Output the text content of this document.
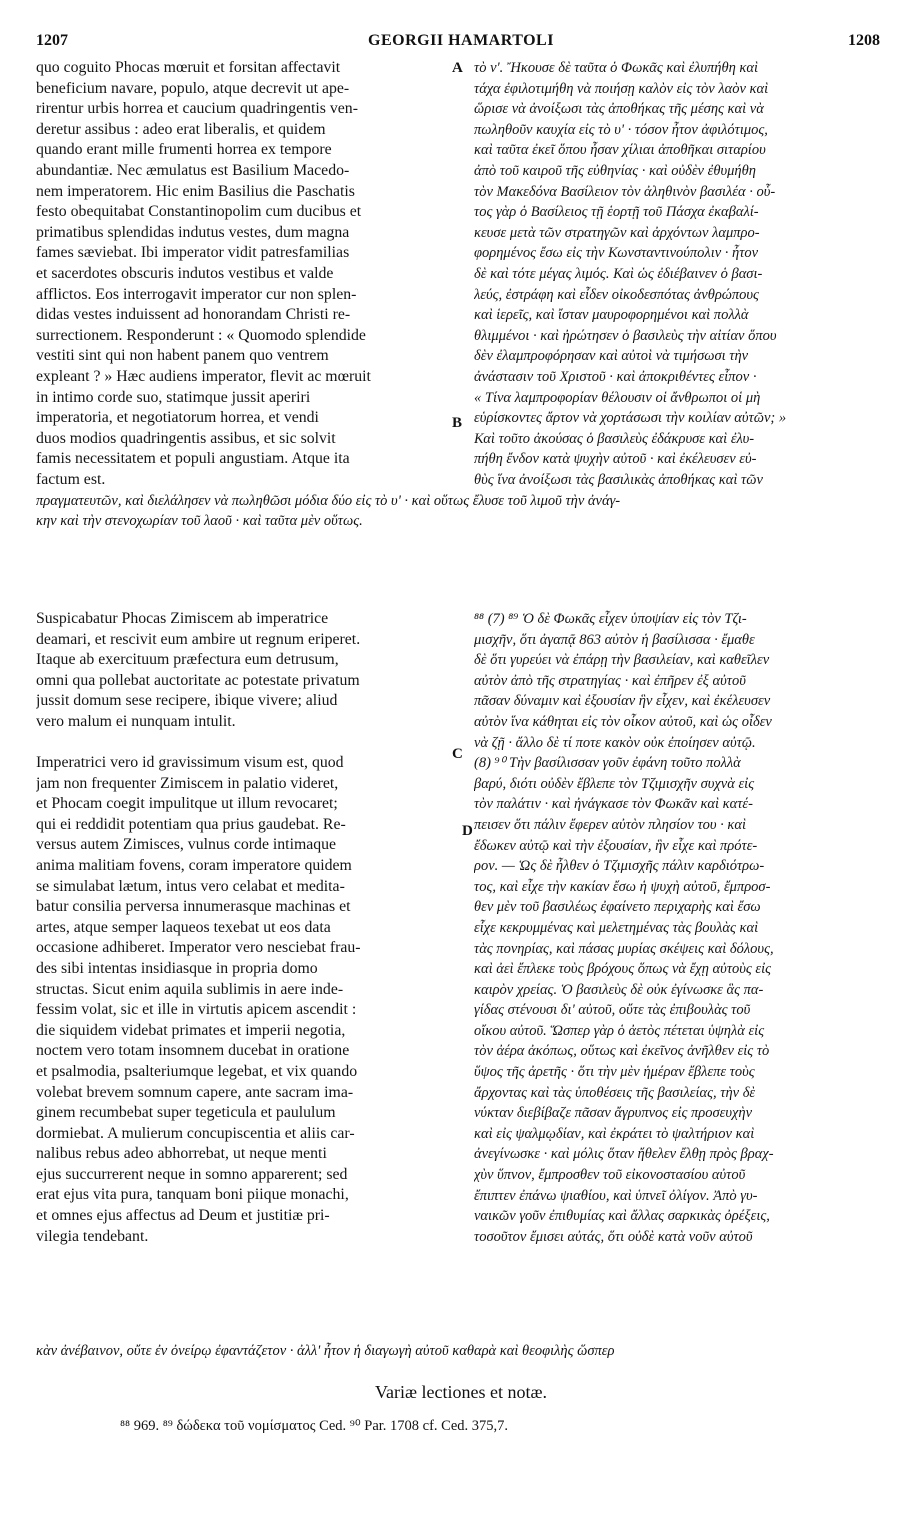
1207	GEORGII HAMARTOLI	1208
A
B
C
D
quo coguito Phocas mœruit et forsitan affectavit
beneficium navare, populo, atque decrevit ut ape-
rirentur urbis horrea et caucium quadringentis ven-
deretur assibus : adeo erat liberalis, et quidem
quando erant mille frumenti horrea ex tempore
abundantiæ. Nec æmulatus est Basilium Macedo-
nem imperatorem. Hic enim Basilius die Paschatis
festo obequitabat Constantinopolim cum ducibus et
primatibus splendidas indutus vestes, dum magna
fames sæviebat. Ibi imperator vidit patresfamilias
et sacerdotes obscuris indutos vestibus et valde
afflictos. Eos interrogavit imperator cur non splen-
didas vestes induissent ad honorandam Christi re-
surrectionem. Responderunt : « Quomodo splendide
vestiti sint qui non habent panem quo ventrem
expleant ? » Hæc audiens imperator, flevit ac mœruit
in intimo corde suo, statimque jussit aperiri
imperatoria, et negotiatorum horrea, et vendi
duos modios quadringentis assibus, et sic solvit
famis necessitatem et populi angustiam. Atque ita
factum est.
τὸ ν'. Ἤκουσε δὲ ταῦτα ὁ Φωκᾶς καὶ ἐλυπήθη καὶ
τάχα ἐφιλοτιμήθη νὰ ποιήσῃ καλὸν εἰς τὸν λαὸν καὶ
ὥρισε νὰ ἀνοίξωσι τὰς ἀποθήκας τῆς μέσης καὶ νὰ
πωληθοῦν καυχία εἰς τὸ υ' · τόσον ἦτον ἀφιλότιμος,
καὶ ταῦτα ἐκεῖ ὅπου ἦσαν χίλιαι ἀποθῆκαι σιταρίου
ἀπὸ τοῦ καιροῦ τῆς εὐθηνίας · καὶ οὐδὲν ἐθυμήθη
τὸν Μακεδόνα Βασίλειον τὸν ἀληθινὸν βασιλέα · οὗ-
τος γὰρ ὁ Βασίλειος τῇ ἑορτῇ τοῦ Πάσχα ἐκαβαλί-
κευσε μετὰ τῶν στρατηγῶν καὶ ἀρχόντων λαμπρο-
φορημένος ἔσω εἰς τὴν Κωνσταντινούπολιν · ἦτον
δὲ καὶ τότε μέγας λιμός. Καὶ ὡς ἐδιέβαινεν ὁ βασι-
λεύς, ἐστράφη καὶ εἶδεν οἰκοδεσπότας ἀνθρώπους
καὶ ἱερεῖς, καὶ ἴσταν μαυροφορημένοι καὶ πολλὰ
θλιμμένοι · καὶ ἠρώτησεν ὁ βασιλεὺς τὴν αἰτίαν ὅπου
δὲν ἐλαμπροφόρησαν καὶ αὐτοὶ νὰ τιμήσωσι τὴν
ἀνάστασιν τοῦ Χριστοῦ · καὶ ἀποκριθέντες εἶπον ·
« Τίνα λαμπροφορίαν θέλουσιν οἱ ἄνθρωποι οἱ μὴ
εὑρίσκοντες ἄρτον νὰ χορτάσωσι τὴν κοιλίαν αὐτῶν; »
Καὶ τοῦτο ἀκούσας ὁ βασιλεὺς ἐδάκρυσε καὶ ἐλυ-
πήθη ἔνδον κατὰ ψυχὴν αὐτοῦ · καὶ ἐκέλευσεν εὐ-
θὺς ἵνα ἀνοίξωσι τὰς βασιλικὰς ἀποθήκας καὶ τῶν
πραγματευτῶν, καὶ διελάλησεν νὰ πωληθῶσι μόδια δύο εἰς τὸ υ' · καὶ οὕτως ἔλυσε τοῦ λιμοῦ τὴν ἀνάγ-
κην καὶ τὴν στενοχωρίαν τοῦ λαοῦ · καὶ ταῦτα μὲν οὕτως.
Suspicabatur Phocas Zimiscem ab imperatrice
deamari, et rescivit eum ambire ut regnum eriperet.
Itaque ab exercituum præfectura eum detrusum,
omni qua pollebat auctoritate ac potestate privatum
jussit domum sese recipere, ibique vivere; aliud
vero malum ei nunquam intulit.
⁸⁸ (7) ⁸⁹ Ὁ δὲ Φωκᾶς εἶχεν ὑποψίαν εἰς τὸν Τζι-
μισχῆν, ὅτι ἀγαπᾷ 863 αὐτὸν ἡ βασίλισσα · ἔμαθε
δὲ ὅτι γυρεύει νὰ ἐπάρῃ τὴν βασιλείαν, καὶ καθεῖλεν
αὐτὸν ἀπὸ τῆς στρατηγίας · καὶ ἐπῆρεν ἐξ αὐτοῦ
πᾶσαν δύναμιν καὶ ἐξουσίαν ἣν εἶχεν, καὶ ἐκέλευσεν
αὐτὸν ἵνα κάθηται εἰς τὸν οἶκον αὐτοῦ, καὶ ὡς οἶδεν
νὰ ζῇ · ἄλλο δὲ τί ποτε κακὸν οὐκ ἐποίησεν αὐτῷ.
(8) ⁹⁰ Τὴν βασίλισσαν γοῦν ἐφάνη τοῦτο πολλὰ
βαρύ, διότι οὐδὲν ἔβλεπε τὸν Τζιμισχῆν συχνὰ εἰς
τὸν παλάτιν · καὶ ἠνάγκασε τὸν Φωκᾶν καὶ κατέ-
πεισεν ὅτι πάλιν ἔφερεν αὐτὸν πλησίον του · καὶ
ἔδωκεν αὐτῷ καὶ τὴν ἐξουσίαν, ἣν εἶχε καὶ πρότε-
ρον. — Ὡς δὲ ἦλθεν ὁ Τζιμισχῆς πάλιν καρδιότρω-
τος, καὶ εἶχε τὴν κακίαν ἔσω ἡ ψυχὴ αὐτοῦ, ἔμπροσ-
θεν μὲν τοῦ βασιλέως ἐφαίνετο περιχαρὴς καὶ ἔσω
εἶχε κεκρυμμένας καὶ μελετημένας τὰς βουλὰς καὶ
τὰς πονηρίας, καὶ πάσας μυρίας σκέψεις καὶ δόλους,
καὶ ἀεὶ ἔπλεκε τοὺς βρόχους ὅπως νὰ ἔχῃ αὐτοὺς εἰς
καιρὸν χρείας. Ὁ βασιλεὺς δὲ οὐκ ἐγίνωσκε ἃς πα-
γίδας στένουσι δι' αὐτοῦ, οὔτε τὰς ἐπιβουλὰς τοῦ
οἴκου αὐτοῦ. Ὥσπερ γὰρ ὁ ἀετὸς πέτεται ὑψηλὰ εἰς
τὸν ἀέρα ἀκόπως, οὕτως καὶ ἐκεῖνος ἀνῆλθεν εἰς τὸ
ὕψος τῆς ἀρετῆς · ὅτι τὴν μὲν ἡμέραν ἔβλεπε τοὺς
ἄρχοντας καὶ τὰς ὑποθέσεις τῆς βασιλείας, τὴν δὲ
νύκταν διεβίβαζε πᾶσαν ἄγρυπνος εἰς προσευχὴν
καὶ εἰς ψαλμῳδίαν, καὶ ἐκράτει τὸ ψαλτήριον καὶ
ἀνεγίνωσκε · καὶ μόλις ὅταν ἤθελεν ἔλθῃ πρὸς βραχ-
χὺν ὕπνον, ἔμπροσθεν τοῦ εἰκονοστασίου αὐτοῦ
ἔπιπτεν ἐπάνω ψιαθίου, καὶ ὑπνεῖ ὀλίγον. Ἀπὸ γυ-
ναικῶν γοῦν ἐπιθυμίας καὶ ἄλλας σαρκικὰς ὀρέξεις,
τοσοῦτον ἔμισει αὐτάς, ὅτι οὐδὲ κατὰ νοῦν αὐτοῦ
Imperatrici vero id gravissimum visum est, quod
jam non frequenter Zimiscem in palatio videret,
et Phocam coegit impulitque ut illum revocaret;
qui ei reddidit potentiam qua prius gaudebat. Re-
versus autem Zimisces, vulnus corde intimaque
anima malitiam fovens, coram imperatore quidem
se simulabat lætum, intus vero celabat et medita-
batur consilia perversa innumerasque machinas et
artes, atque semper laqueos texebat ut eos data
occasione adhiberet. Imperator vero nesciebat frau-
des sibi intentas insidiasque in propria domo
structas. Sicut enim aquila sublimis in aere inde-
fessim volat, sic et ille in virtutis apicem ascendit :
die siquidem videbat primates et imperii negotia,
noctem vero totam insomnem ducebat in oratione
et psalmodia, psalteriumque legebat, et vix quando
volebat brevem somnum capere, ante sacram ima-
ginem recumbebat super tegeticula et paululum
dormiebat. A mulierum concupiscentia et aliis car-
nalibus rebus adeo abhorrebat, ut neque menti
ejus succurrerent neque in somno apparerent; sed
erat ejus vita pura, tanquam boni piique monachi,
et omnes ejus affectus ad Deum et justitiæ pri-
vilegia tendebant.
κὰν ἀνέβαινον, οὔτε ἐν ὀνείρῳ ἐφαντάζετον · ἀλλ' ἦτον ἡ διαγωγὴ αὐτοῦ καθαρὰ καὶ θεοφιλὴς ὥσπερ
Variæ lectiones et notæ.
⁸⁸ 969. ⁸⁹ δώδεκα τοῦ νομίσματος Ced. ⁹⁰ Par. 1708 cf. Ced. 375,7.
